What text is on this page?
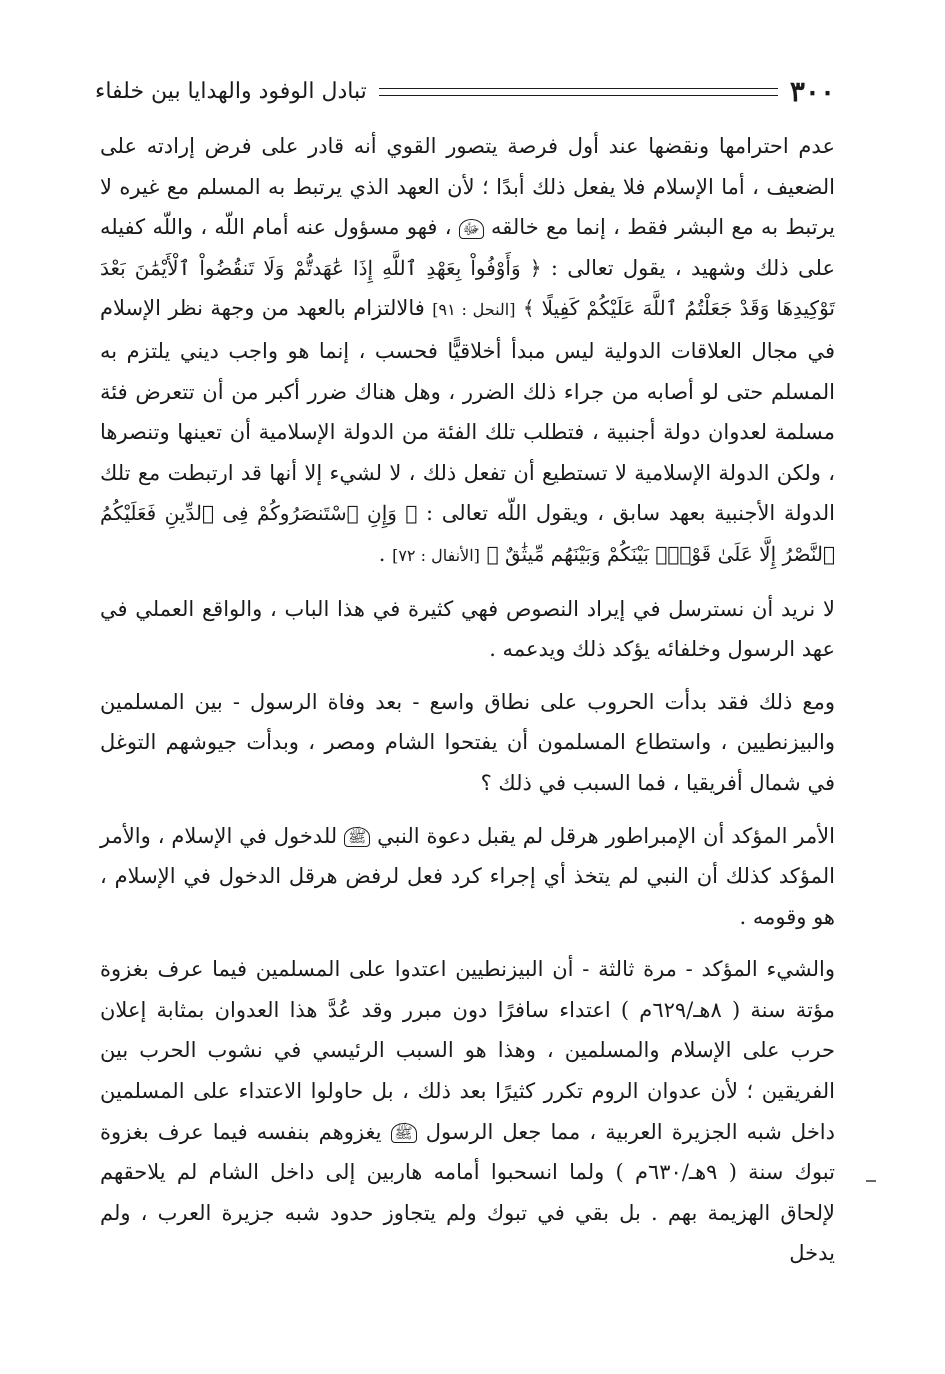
٣٠٠
تبادل الوفود والهدايا بين خلفاء

عدم احترامها ونقضها عند أول فرصة يتصور القوي أنه قادر على فرض إرادته على الضعيف ، أما الإسلام فلا يفعل ذلك أبدًا ؛ لأن العهد الذي يرتبط به المسلم مع غيره لا يرتبط به مع البشر فقط ، إنما مع خالقه ﷻ ، فهو مسؤول عنه أمام اللّه ، واللّه كفيله على ذلك وشهيد ، يقول تعالى : ﴿ وَأَوْفُواْ بِعَهْدِ ٱللَّهِ إِذَا عَٰهَدتُّمْ وَلَا تَنقُضُواْ ٱلْأَيْمَٰنَ بَعْدَ تَوْكِيدِهَا وَقَدْ جَعَلْتُمُ ٱللَّهَ عَلَيْكُمْ كَفِيلًا ﴾ [النحل : ٩١] فالالتزام بالعهد من وجهة نظر الإسلام في مجال العلاقات الدولية ليس مبدأ أخلاقيًّا فحسب ، إنما هو واجب ديني يلتزم به المسلم حتى لو أصابه من جراء ذلك الضرر ، وهل هناك ضرر أكبر من أن تتعرض فئة مسلمة لعدوان دولة أجنبية ، فتطلب تلك الفئة من الدولة الإسلامية أن تعينها وتنصرها ، ولكن الدولة الإسلامية لا تستطيع أن تفعل ذلك ، لا لشيء إلا أنها قد ارتبطت مع تلك الدولة الأجنبية بعهد سابق ، ويقول اللّه تعالى : ﴿ وَإِنِ ٱسْتَنصَرُوكُمْ فِى ٱلدِّينِ فَعَلَيْكُمُ ٱلنَّصْرُ إِلَّا عَلَىٰ قَوْمٍۭ بَيْنَكُمْ وَبَيْنَهُم مِّيثَٰقٌ ﴾ [الأنفال : ٧٢] .

لا نريد أن نسترسل في إيراد النصوص فهي كثيرة في هذا الباب ، والواقع العملي في عهد الرسول وخلفائه يؤكد ذلك ويدعمه .

ومع ذلك فقد بدأت الحروب على نطاق واسع - بعد وفاة الرسول - بين المسلمين والبيزنطيين ، واستطاع المسلمون أن يفتحوا الشام ومصر ، وبدأت جيوشهم التوغل في شمال أفريقيا ، فما السبب في ذلك ؟

الأمر المؤكد أن الإمبراطور هرقل لم يقبل دعوة النبي ﷺ للدخول في الإسلام ، والأمر المؤكد كذلك أن النبي لم يتخذ أي إجراء كرد فعل لرفض هرقل الدخول في الإسلام ، هو وقومه .

والشيء المؤكد - مرة ثالثة - أن البيزنطيين اعتدوا على المسلمين فيما عرف بغزوة مؤتة سنة ( ٨هـ/٦٢٩م ) اعتداء سافرًا دون مبرر وقد عُدَّ هذا العدوان بمثابة إعلان حرب على الإسلام والمسلمين ، وهذا هو السبب الرئيسي في نشوب الحرب بين الفريقين ؛ لأن عدوان الروم تكرر كثيرًا بعد ذلك ، بل حاولوا الاعتداء على المسلمين داخل شبه الجزيرة العربية ، مما جعل الرسول ﷺ يغزوهم بنفسه فيما عرف بغزوة تبوك سنة ( ٩هـ/٦٣٠م ) ولما انسحبوا أمامه هاربين إلى داخل الشام لم يلاحقهم لإلحاق الهزيمة بهم . بل بقي في تبوك ولم يتجاوز حدود شبه جزيرة العرب ، ولم يدخل
